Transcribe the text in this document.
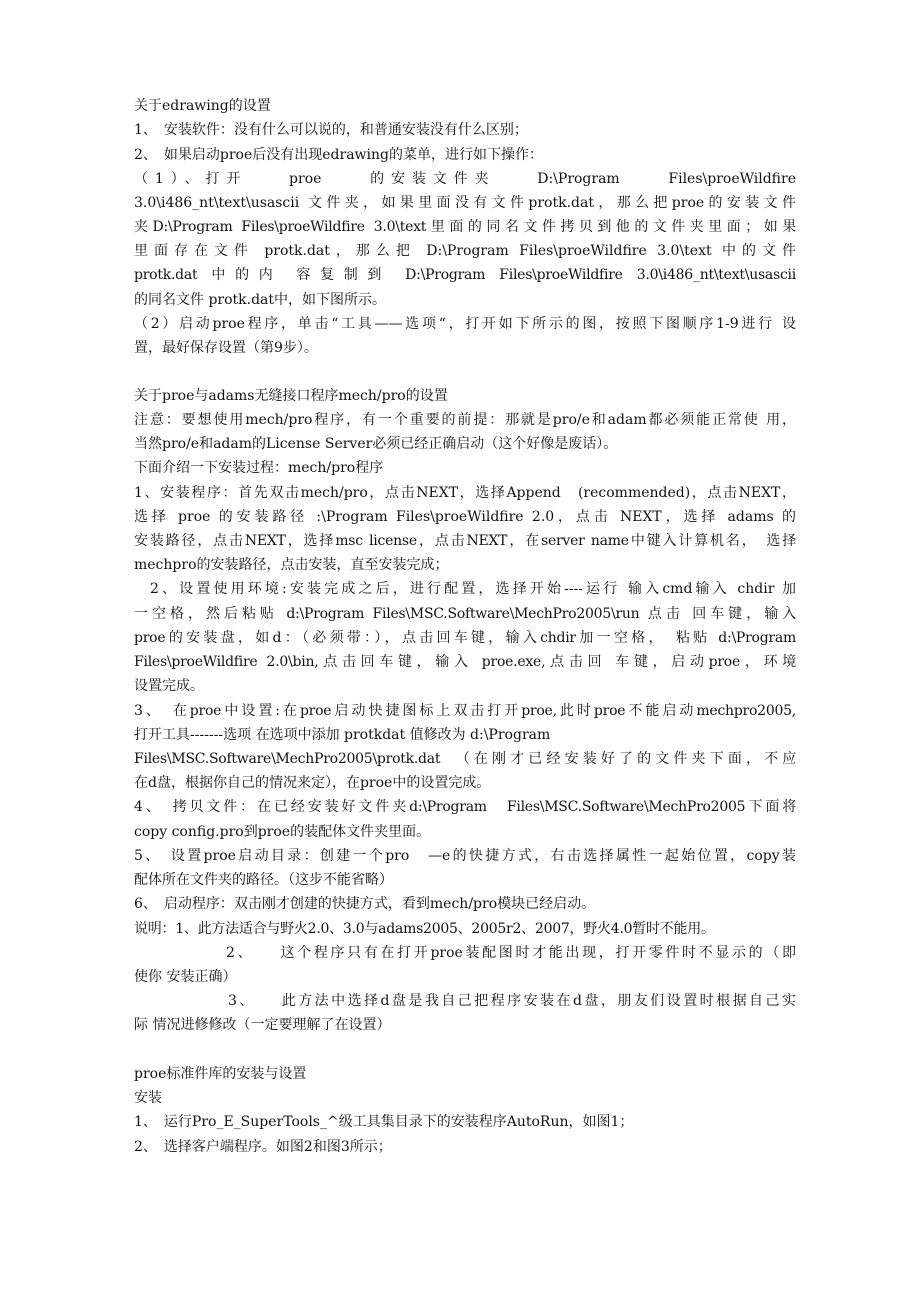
关于edrawing的设置
1、　安装软件：没有什么可以说的，和普通安装没有什么区别；
2、　如果启动proe后没有出现edrawing的菜单，进行如下操作：
（1）、打开　　proe　　的安装文件夹　　D:\Program　　Files\proeWildfire
3.0\i486_nt\text\usascii 文件夹，如果里面没有文件protk.dat，那么把proe的安装文件
夹D:\Program Files\proeWildfire 3.0\text里面的同名文件拷贝到他的文件夹里面；如果
里面存在文件 protk.dat，那么把 D:\Program Files\proeWildfire 3.0\text 中的文件
protk.dat 中的内 容复制到 D:\Program Files\proeWildfire 3.0\i486_nt\text\usascii
的同名文件 protk.dat中，如下图所示。
（2）启动proe程序，单击“工具——选项“，打开如下所示的图，按照下图顺序1-9进行 设
置，最好保存设置（第9步）。
关于proe与adams无缝接口程序mech/pro的设置
注意：要想使用mech/pro程序，有一个重要的前提：那就是pro/e和adam都必须能正常使 用，
当然pro/e和adam的License Server必须已经正确启动（这个好像是废话）。
下面介绍一下安装过程：mech/pro程序
1、安装程序：首先双击mech/pro，点击NEXT，选择Append　(recommended)，点击NEXT，
选择 proe 的安装路径 :\Program Files\proeWildfire 2.0，点击 NEXT，选择 adams 的
安装路径，点击NEXT，选择msc license，点击NEXT，在server name中键入计算机名，　选择
mechpro的安装路径，点击安装，直至安装完成；
2、设置使用环境:安装完成之后，进行配置，选择开始----运行 输入cmd输入 chdir 加
一空格，然后粘贴 d:\Program Files\MSC.Software\MechPro2005\run 点击 回车键，输入
proe的安装盘，如d：（必须带：），点击回车键，输入chdir加一空格，　粘贴 d:\Program
Files\proeWildfire 2.0\bin,点击回车键，输入 proe.exe,点击回 车键，启动proe，环境
设置完成。
3、　在proe中设置:在proe启动快捷图标上双击打开proe,此时proe不能启动mechpro2005,
打开工具-------选项 在选项中添加 protkdat 值修改为 d:\Program
Files\MSC.Software\MechPro2005\protk.dat　（在刚才已经安装好了的文件夹下面，不应
在d盘，根据你自己的情况来定），在proe中的设置完成。
4、　拷贝文件：在已经安装好文件夹d:\Program　Files\MSC.Software\MechPro2005下面将
copy config.pro到proe的装配体文件夹里面。
5、　设置proe启动目录：创建一个pro　—e的快捷方式，右击选择属性一起始位置，copy装
配体所在文件夹的路径。（这步不能省略）
6、　启动程序：双击刚才创建的快捷方式，看到mech/pro模块已经启动。
说明：1、此方法适合与野火2.0、3.0与adams2005、2005r2、2007，野火4.0暂时不能用。
2、　　这个程序只有在打开proe装配图时才能出现，打开零件时不显示的（即
使你 安装正确）
3、　　此方法中选择d盘是我自己把程序安装在d盘，朋友们设置时根据自己实
际 情况进修修改（一定要理解了在设置）
proe标准件库的安装与设置
安装
1、　运行Pro_E_SuperTools_^级工具集目录下的安装程序AutoRun，如图1；
2、　选择客户端程序。如图2和图3所示；
